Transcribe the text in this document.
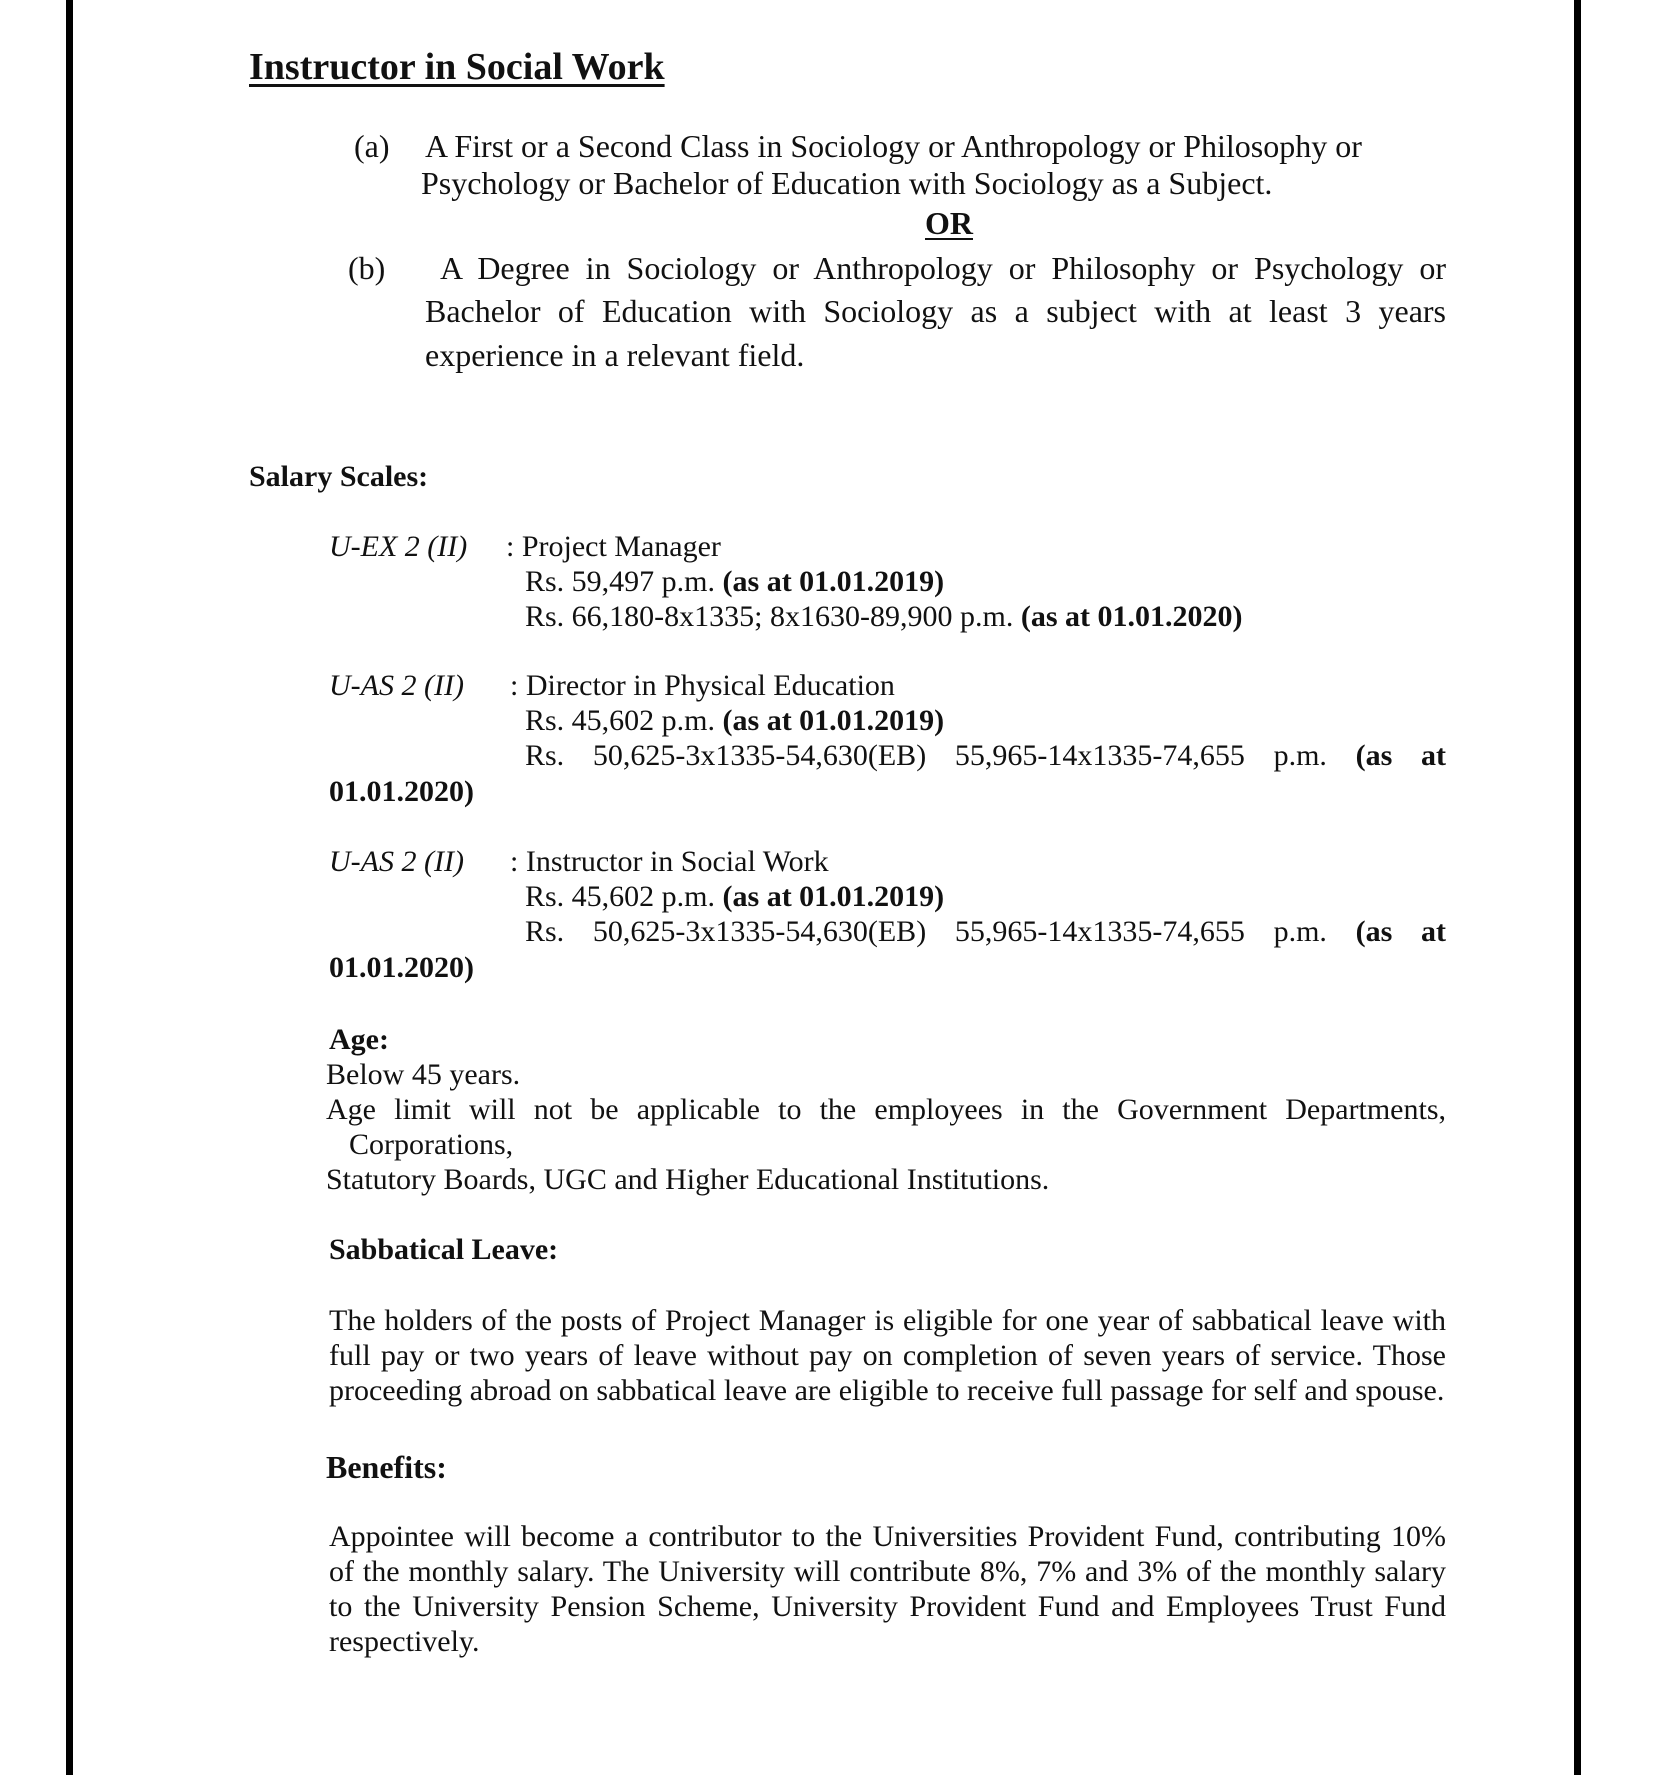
Instructor in Social Work
(a) A First or a Second Class in Sociology or Anthropology or Philosophy or
Psychology or Bachelor of Education with Sociology as a Subject.
OR
(b) A Degree in Sociology or Anthropology or Philosophy or Psychology or
Bachelor of Education with Sociology as a subject with at least 3 years
experience in a relevant field.
Salary Scales:
U-EX 2 (II) : Project Manager
Rs. 59,497 p.m. (as at 01.01.2019)
Rs. 66,180-8x1335; 8x1630-89,900 p.m. (as at 01.01.2020)
U-AS 2 (II) : Director in Physical Education
Rs. 45,602 p.m. (as at 01.01.2019)
Rs. 50,625-3x1335-54,630(EB) 55,965-14x1335-74,655 p.m. (as at
01.01.2020)
U-AS 2 (II) : Instructor in Social Work
Rs. 45,602 p.m. (as at 01.01.2019)
Rs. 50,625-3x1335-54,630(EB) 55,965-14x1335-74,655 p.m. (as at
01.01.2020)
Age:
Below 45 years.
Age limit will not be applicable to the employees in the Government Departments,
Corporations,
Statutory Boards, UGC and Higher Educational Institutions.
Sabbatical Leave:
The holders of the posts of Project Manager is eligible for one year of sabbatical leave with full pay or two years of leave without pay on completion of seven years of service. Those proceeding abroad on sabbatical leave are eligible to receive full passage for self and spouse.
Benefits:
Appointee will become a contributor to the Universities Provident Fund, contributing 10% of the monthly salary. The University will contribute 8%, 7% and 3% of the monthly salary to the University Pension Scheme, University Provident Fund and Employees Trust Fund respectively.
